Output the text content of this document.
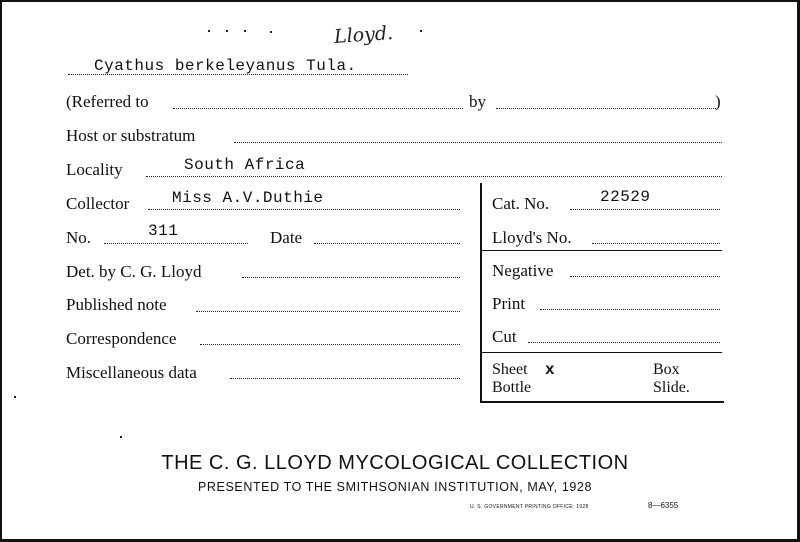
Lloyd.
Cyathus berkeleyanus Tula.
(Referred to	by	)
Host or substratum
Locality	South Africa
Collector	Miss A.V.Duthie
No.	311	Date
Det. by C. G. Lloyd
Published note
Correspondence
Miscellaneous data
Cat. No.	22529
Lloyd's No.
Negative
Print
Cut
Sheet x	Box
Bottle	Slide.
THE C. G. LLOYD MYCOLOGICAL COLLECTION
PRESENTED TO THE SMITHSONIAN INSTITUTION, MAY, 1928
U. S. GOVERNMENT PRINTING OFFICE: 1928	8—6355
